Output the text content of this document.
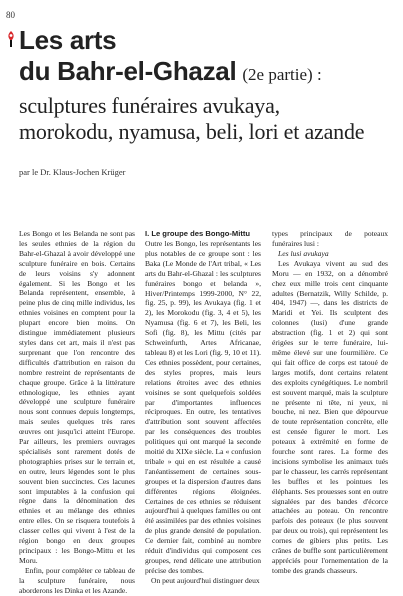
80
Les arts
du Bahr-el-Ghazal (2e partie) :
sculptures funéraires avukaya,
morokodu, nyamusa, beli, lori et azande
par le Dr. Klaus-Jochen Krüger

Les Bongo et les Belanda ne sont pas les seules ethnies de la région du Bahr-el-Ghazal à avoir développé une sculpture funéraire en bois. Certains de leurs voisins s'y adonnent également. Si les Bongo et les Belanda représentent, ensemble, à peine plus de cinq mille individus, les ethnies voisines en comptent pour la plupart encore bien moins. On distingue immédiatement plusieurs styles dans cet art, mais il n'est pas surprenant que l'on rencontre des difficultés d'attribution en raison du nombre restreint de représentants de chaque groupe. Grâce à la littérature ethnologique, les ethnies ayant développé une sculpture funéraire nous sont connues depuis longtemps, mais seules quelques très rares œuvres ont jusqu'ici atteint l'Europe. Par ailleurs, les premiers ouvrages spécialisés sont rarement dotés de photographies prises sur le terrain et, en outre, leurs légendes sont le plus souvent bien succinctes. Ces lacunes sont imputables à la confusion qui règne dans la dénomination des ethnies et au mélange des ethnies entre elles. On se risquera toutefois à classer celles qui vivent à l'est de la région bongo en deux groupes principaux : les Bongo-Mittu et les Moru.

Enfin, pour compléter ce tableau de la sculpture funéraire, nous aborderons les Dinka et les Azande.

I. Le groupe des Bongo-Mittu

Outre les Bongo, les représentants les plus notables de ce groupe sont : les Baka (Le Monde de l'Art tribal, « Les arts du Bahr-el-Ghazal : les sculptures funéraires bongo et belanda », Hiver/Printemps 1999-2000, N° 22, fig. 25, p. 99), les Avukaya (fig. 1 et 2), les Morokodu (fig. 3, 4 et 5), les Nyamusa (fig. 6 et 7), les Beli, les Sofi (fig. 8), les Mittu (cités par Schweinfurth, Artes Africanae, tableau 8) et les Lori (fig. 9, 10 et 11). Ces ethnies possèdent, pour certaines, des styles propres, mais leurs relations étroites avec des ethnies voisines se sont quelquefois soldées par d'importantes influences réciproques. En outre, les tentatives d'attribution sont souvent affectées par les conséquences des troubles politiques qui ont marqué la seconde moitié du XIXe siècle. La « confusion tribale » qui en est résultée a causé l'anéantissement de certaines sous-groupes et la dispersion d'autres dans différentes régions éloignées. Certaines de ces ethnies se réduisent aujourd'hui à quelques familles ou ont été assimilées par des ethnies voisines de plus grande densité de population. Ce dernier fait, combiné au nombre réduit d'individus qui composent ces groupes, rend délicate une attribution précise des tombes.

On peut aujourd'hui distinguer deux

types principaux de poteaux funéraires lusi :

Les lusi avukaya

Les Avukaya vivent au sud des Moru — en 1932, on a dénombré chez eux mille trois cent cinquante adultes (Bernatzik, Willy Schilde, p. 404, 1947) —, dans les districts de Maridi et Yei. Ils sculptent des colonnes (lusi) d'une grande abstraction (fig. 1 et 2) qui sont érigées sur le terre funéraire, lui-même élevé sur une fourmilière. Ce qui fait office de corps est tatoué de larges motifs, dont certains relatent des exploits cynégétiques. Le nombril est souvent marqué, mais la sculpture ne présente ni tête, ni yeux, ni bouche, ni nez. Bien que dépourvue de toute représentation concrète, elle est censée figurer le mort. Les poteaux à extrémité en forme de fourche sont rares. La forme des incisions symbolise les animaux tués par le chasseur, les carrés représentant les buffles et les pointues les éléphants. Ses prouesses sont en outre signalées par des bandes d'écorce attachées au poteau. On rencontre parfois des poteaux (le plus souvent par deux ou trois), qui représentent les cornes de gibiers plus petits. Les crânes de buffle sont particulièrement appréciés pour l'ornementation de la tombe des grands chasseurs.
